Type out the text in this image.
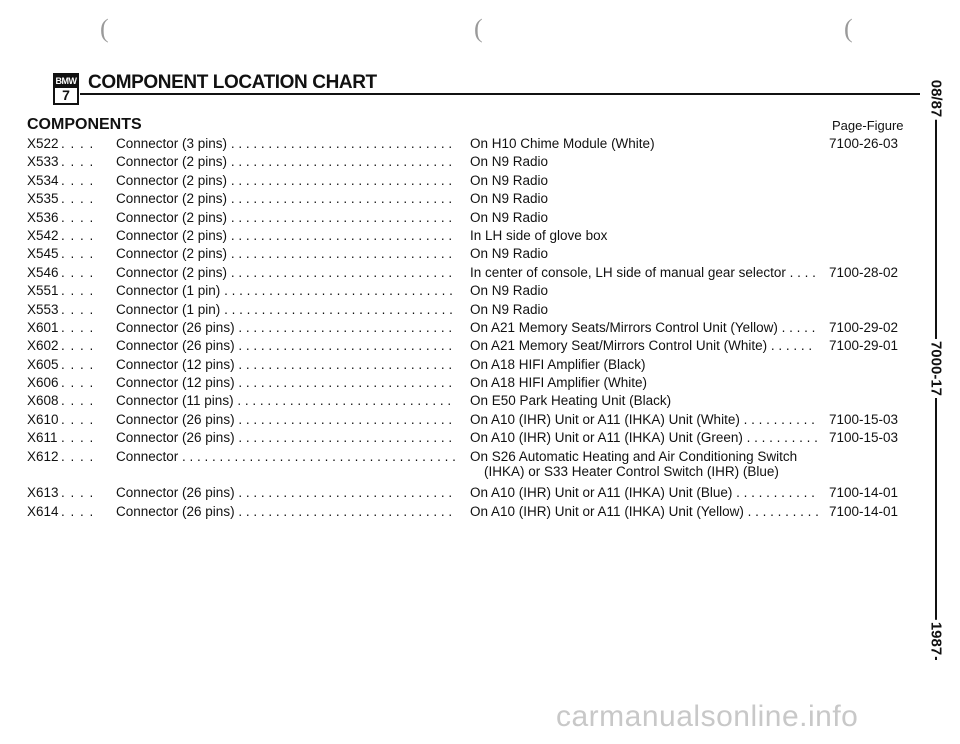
(	(	(
BMW
7
COMPONENT LOCATION CHART
COMPONENTS	Page-Figure
X522 . . . . Connector (3 pins) . . .	On H10 Chime Module (White)	7100-26-03
X533 . . . . Connector (2 pins) . . .	On N9 Radio
X534 . . . . Connector (2 pins) . . .	On N9 Radio
X535 . . . . Connector (2 pins) . . .	On N9 Radio
X536 . . . . Connector (2 pins) . . .	On N9 Radio
X542 . . . . Connector (2 pins) . . .	In LH side of glove box
X545 . . . . Connector (2 pins) . . .	On N9 Radio
X546 . . . . Connector (2 pins) . . .	In center of console, LH side of manual gear selector . . . . 7100-28-02
X551 . . . . Connector (1 pin) . . .	On N9 Radio
X553 . . . . Connector (1 pin) . . .	On N9 Radio
X601 . . . . Connector (26 pins) . . .	On A21 Memory Seats/Mirrors Control Unit (Yellow) . . . . . 7100-29-02
X602 . . . . Connector (26 pins) . . .	On A21 Memory Seat/Mirrors Control Unit (White) . . . . . . 7100-29-01
X605 . . . . Connector (12 pins) . . .	On A18 HIFI Amplifier (Black)
X606 . . . . Connector (12 pins) . . .	On A18 HIFI Amplifier (White)
X608 . . . . Connector (11 pins) . . .	On E50 Park Heating Unit (Black)
X610 . . . . Connector (26 pins) . . .	On A10 (IHR) Unit or A11 (IHKA) Unit (White) . . . . . . . . . . 7100-15-03
X611 . . . . Connector (26 pins) . . .	On A10 (IHR) Unit or A11 (IHKA) Unit (Green) . . . . . . . . . . 7100-15-03
X612 . . . . Connector . . .	On S26 Automatic Heating and Air Conditioning Switch
(IHKA) or S33 Heater Control Switch (IHR) (Blue)
X613 . . . . Connector (26 pins) . . .	On A10 (IHR) Unit or A11 (IHKA) Unit (Blue) . . . . . . . . . . . 7100-14-01
X614 . . . . Connector (26 pins) . . .	On A10 (IHR) Unit or A11 (IHKA) Unit (Yellow) . . . . . . . . . . 7100-14-01
08/87
7000-17
1987
carmanualsonline.info
